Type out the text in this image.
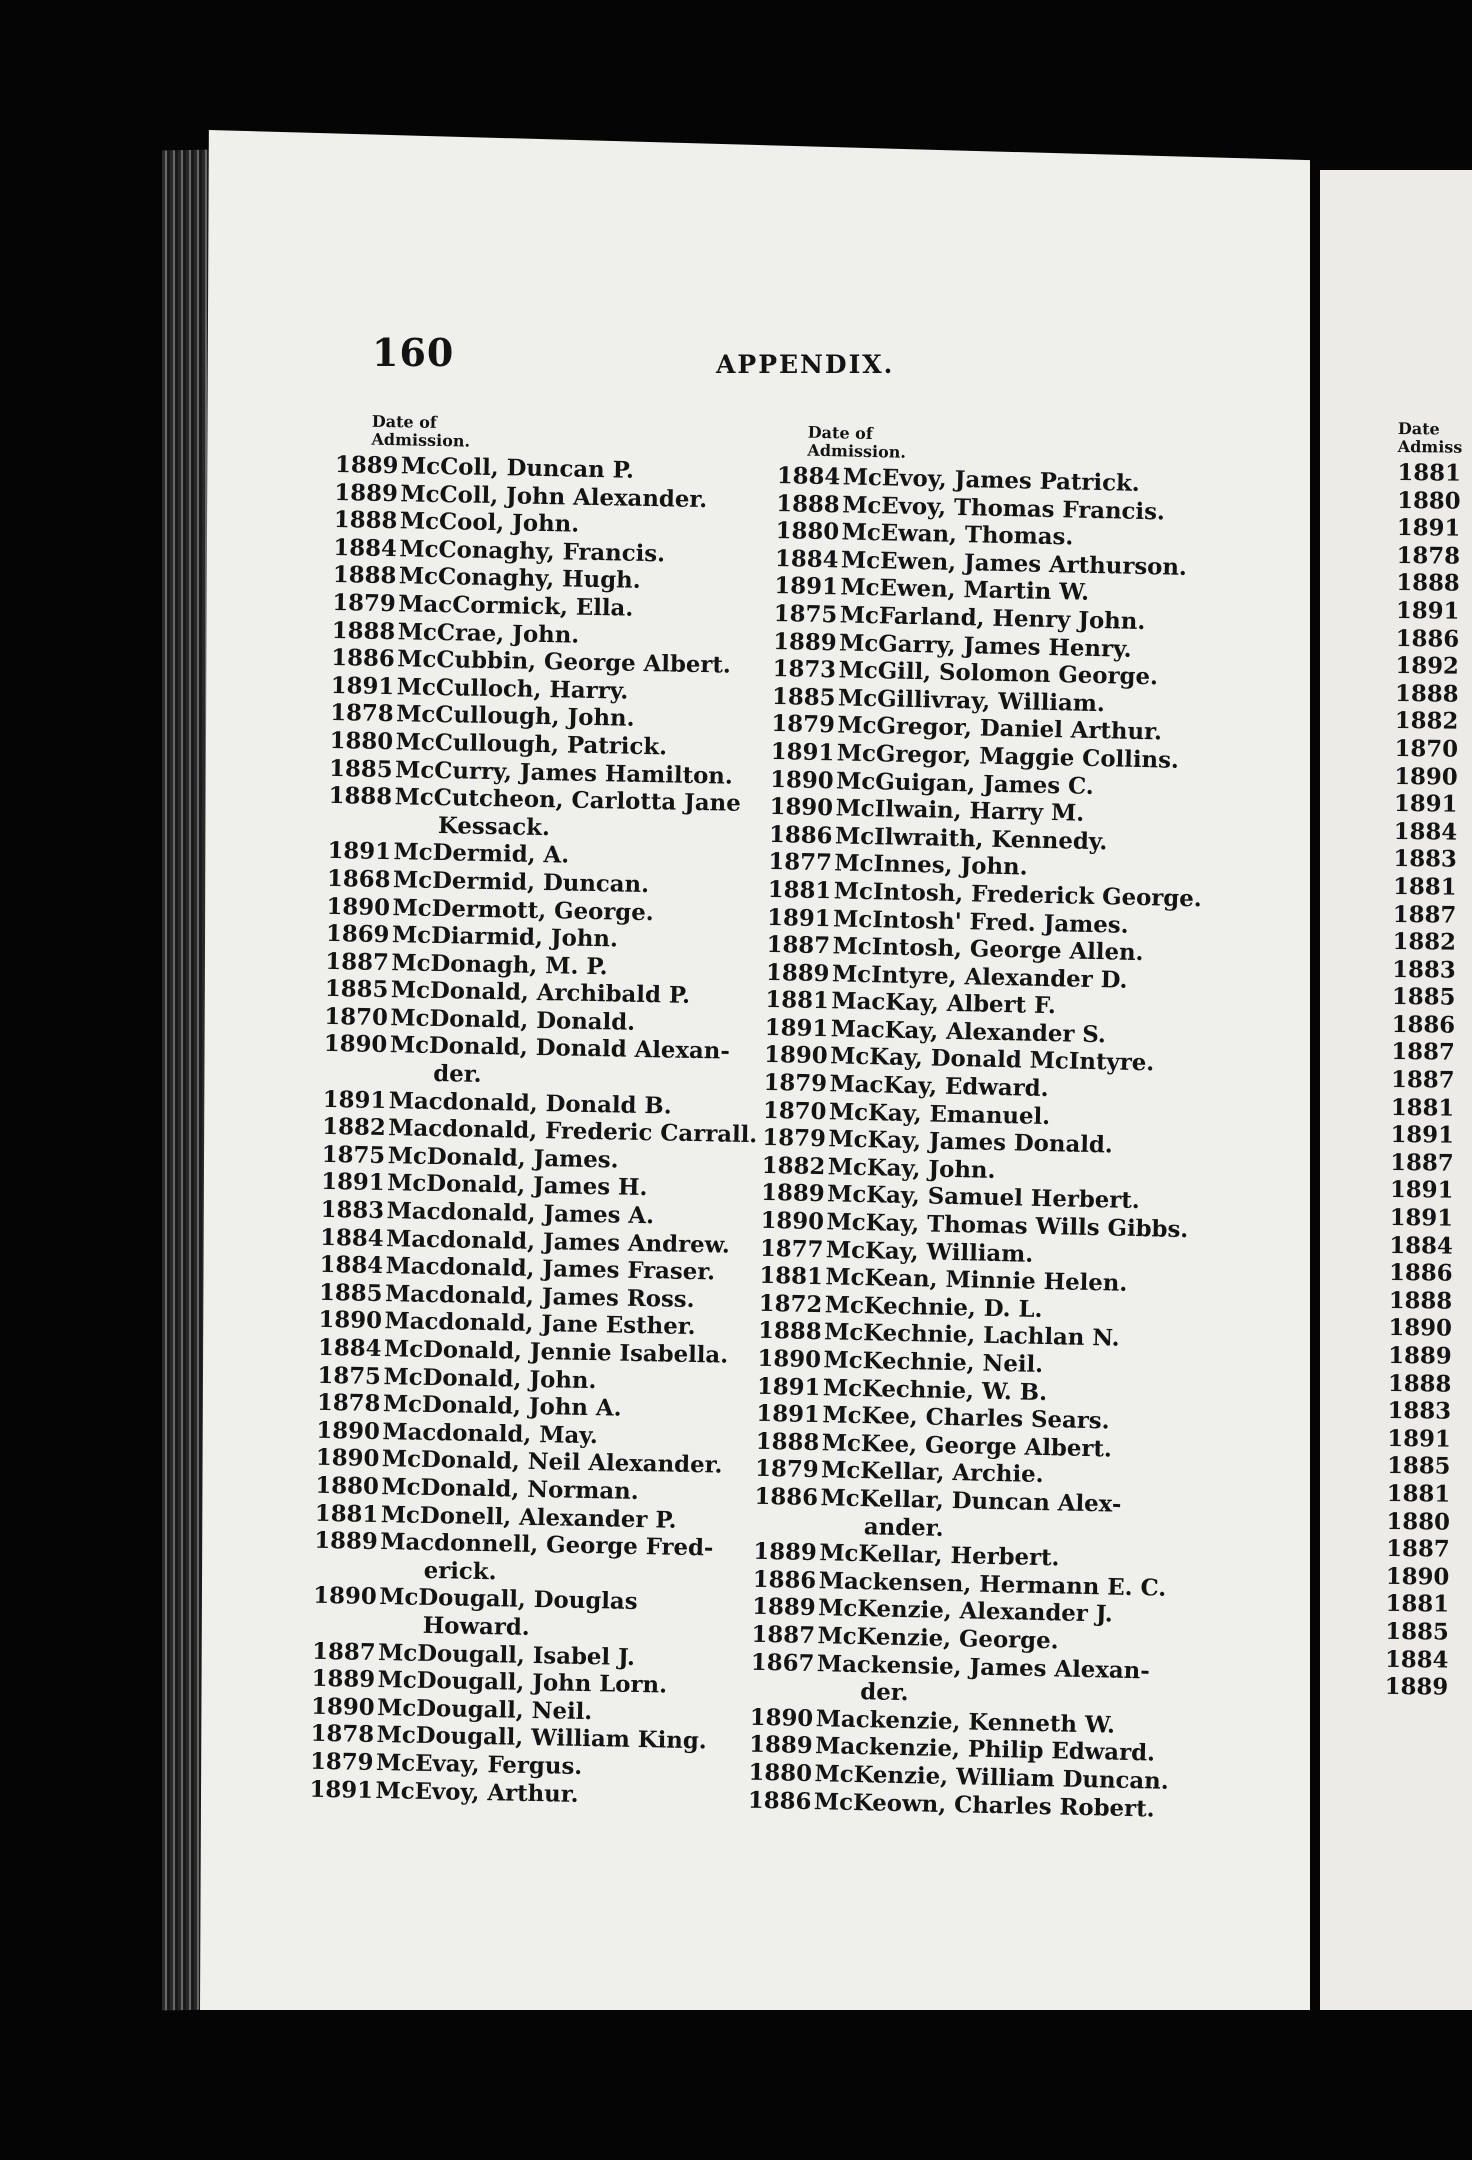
160	APPENDIX.
Date of
Admission.
1889 McColl, Duncan P.
1889 McColl, John Alexander.
1888 McCool, John.
1884 McConaghy, Francis.
1888 McConaghy, Hugh.
1879 MacCormick, Ella.
1888 McCrae, John.
1886 McCubbin, George Albert.
1891 McCulloch, Harry.
1878 McCullough, John.
1880 McCullough, Patrick.
1885 McCurry, James Hamilton.
1888 McCutcheon, Carlotta Jane
Kessack.
1891 McDermid, A.
1868 McDermid, Duncan.
1890 McDermott, George.
1869 McDiarmid, John.
1887 McDonagh, M. P.
1885 McDonald, Archibald P.
1870 McDonald, Donald.
1890 McDonald, Donald Alexan-
der.
1891 Macdonald, Donald B.
1882 Macdonald, Frederic Carrall.
1875 McDonald, James.
1891 McDonald, James H.
1883 Macdonald, James A.
1884 Macdonald, James Andrew.
1884 Macdonald, James Fraser.
1885 Macdonald, James Ross.
1890 Macdonald, Jane Esther.
1884 McDonald, Jennie Isabella.
1875 McDonald, John.
1878 McDonald, John A.
1890 Macdonald, May.
1890 McDonald, Neil Alexander.
1880 McDonald, Norman.
1881 McDonell, Alexander P.
1889 Macdonnell, George Fred-
erick.
1890 McDougall, Douglas
Howard.
1887 McDougall, Isabel J.
1889 McDougall, John Lorn.
1890 McDougall, Neil.
1878 McDougall, William King.
1879 McEvay, Fergus.
1891 McEvoy, Arthur.
Date of
Admission.
1884 McEvoy, James Patrick.
1888 McEvoy, Thomas Francis.
1880 McEwan, Thomas.
1884 McEwen, James Arthurson.
1891 McEwen, Martin W.
1875 McFarland, Henry John.
1889 McGarry, James Henry.
1873 McGill, Solomon George.
1885 McGillivray, William.
1879 McGregor, Daniel Arthur.
1891 McGregor, Maggie Collins.
1890 McGuigan, James C.
1890 McIlwain, Harry M.
1886 McIlwraith, Kennedy.
1877 McInnes, John.
1881 McIntosh, Frederick George.
1891 McIntosh' Fred. James.
1887 McIntosh, George Allen.
1889 McIntyre, Alexander D.
1881 MacKay, Albert F.
1891 MacKay, Alexander S.
1890 McKay, Donald McIntyre.
1879 MacKay, Edward.
1870 McKay, Emanuel.
1879 McKay, James Donald.
1882 McKay, John.
1889 McKay, Samuel Herbert.
1890 McKay, Thomas Wills Gibbs.
1877 McKay, William.
1881 McKean, Minnie Helen.
1872 McKechnie, D. L.
1888 McKechnie, Lachlan N.
1890 McKechnie, Neil.
1891 McKechnie, W. B.
1891 McKee, Charles Sears.
1888 McKee, George Albert.
1879 McKellar, Archie.
1886 McKellar, Duncan Alex-
ander.
1889 McKellar, Herbert.
1886 Mackensen, Hermann E. C.
1889 McKenzie, Alexander J.
1887 McKenzie, George.
1867 Mackensie, James Alexan-
der.
1890 Mackenzie, Kenneth W.
1889 Mackenzie, Philip Edward.
1880 McKenzie, William Duncan.
1886 McKeown, Charles Robert.
Date
Admiss
1881
1880
1891
1878
1888
1891
1886
1892
1888
1882
1870
1890
1891
1884
1883
1881
1887
1882
1883
1885
1886
1887
1887
1881
1891
1887
1891
1891
1884
1886
1888
1890
1889
1888
1883
1891
1885
1881
1880
1887
1890
1881
1885
1884
1889
